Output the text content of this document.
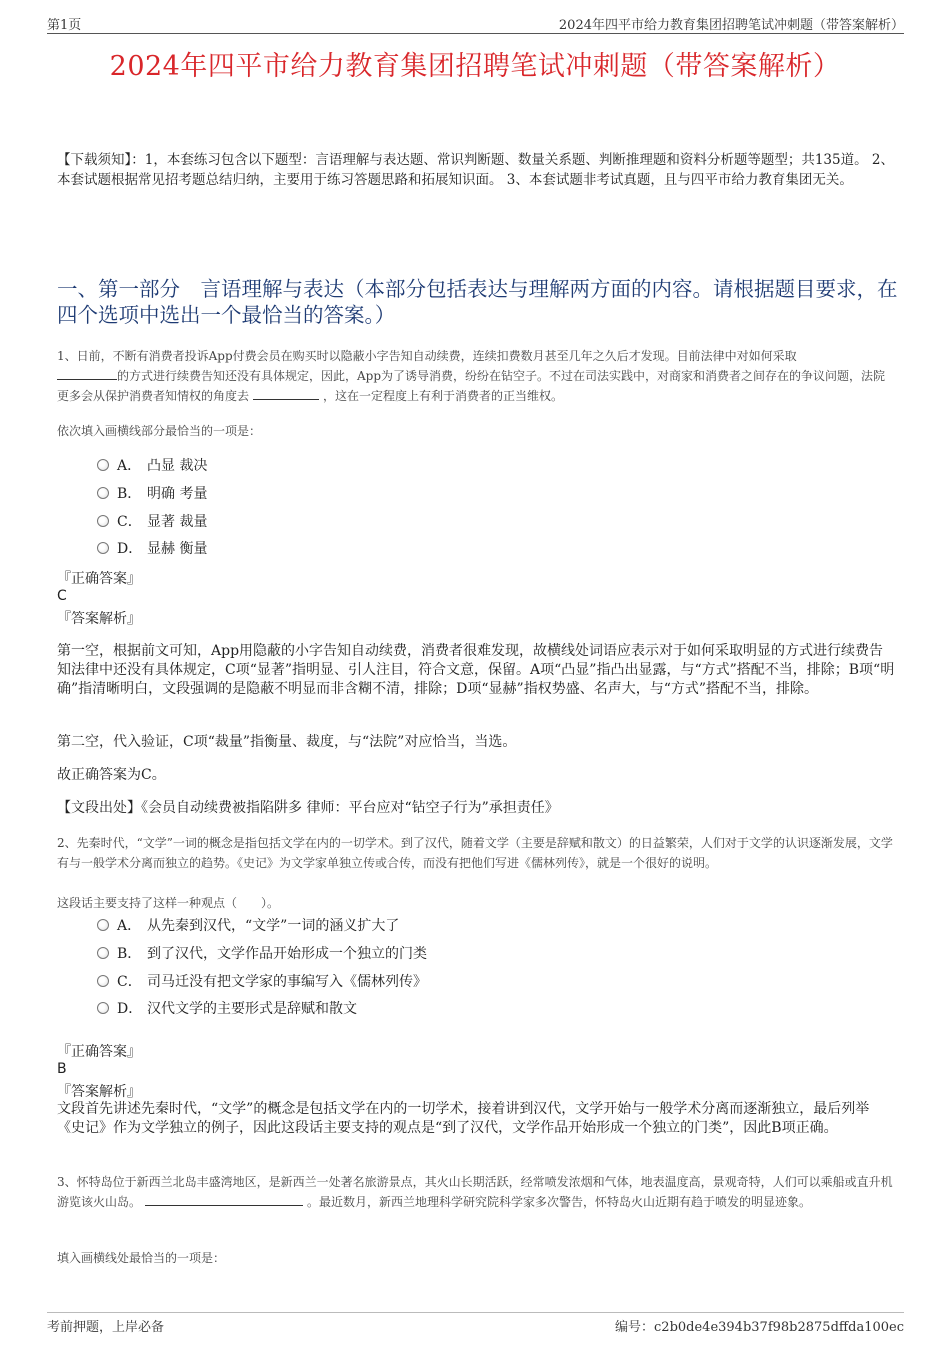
第1页	2024年四平市给力教育集团招聘笔试冲刺题（带答案解析）
2024年四平市给力教育集团招聘笔试冲刺题（带答案解析）
【下载须知】：1，本套练习包含以下题型：言语理解与表达题、常识判断题、数量关系题、判断推理题和资料分析题等题型；共135道。 2、本套试题根据常见招考题总结归纳，主要用于练习答题思路和拓展知识面。 3、本套试题非考试真题，且与四平市给力教育集团无关。
一、第一部分　言语理解与表达（本部分包括表达与理解两方面的内容。请根据题目要求，在四个选项中选出一个最恰当的答案。）
1、日前，不断有消费者投诉App付费会员在购买时以隐蔽小字告知自动续费，连续扣费数月甚至几年之久后才发现。目前法律中对如何采取
的方式进行续费告知还没有具体规定，因此，App为了诱导消费，纷纷在钻空子。不过在司法实践中，对商家和消费者之间存在的争议问题，法院更多会从保护消费者知情权的角度去	，这在一定程度上有利于消费者的正当维权。
依次填入画横线部分最恰当的一项是：
A． 凸显 裁决
B． 明确 考量
C． 显著 裁量
D． 显赫 衡量
『正确答案』
C
『答案解析』
第一空，根据前文可知，App用隐蔽的小字告知自动续费，消费者很难发现，故横线处词语应表示对于如何采取明显的方式进行续费告知法律中还没有具体规定，C项“显著”指明显、引人注目，符合文意，保留。A项“凸显”指凸出显露，与“方式”搭配不当，排除；B项“明确”指清晰明白，文段强调的是隐蔽不明显而非含糊不清，排除；D项“显赫”指权势盛、名声大，与“方式”搭配不当，排除。
第二空，代入验证，C项“裁量”指衡量、裁度，与“法院”对应恰当，当选。
故正确答案为C。
【文段出处】《会员自动续费被指陷阱多 律师：平台应对“钻空子行为”承担责任》
2、先秦时代，“文学”一词的概念是指包括文学在内的一切学术。到了汉代，随着文学（主要是辞赋和散文）的日益繁荣，人们对于文学的认识逐渐发展，文学有与一般学术分离而独立的趋势。《史记》为文学家单独立传或合传，而没有把他们写进《儒林列传》，就是一个很好的说明。
这段话主要支持了这样一种观点（　　）。
A． 从先秦到汉代，“文学”一词的涵义扩大了
B． 到了汉代，文学作品开始形成一个独立的门类
C． 司马迁没有把文学家的事编写入《儒林列传》
D． 汉代文学的主要形式是辞赋和散文
『正确答案』
B
『答案解析』
文段首先讲述先秦时代，“文学”的概念是包括文学在内的一切学术，接着讲到汉代，文学开始与一般学术分离而逐渐独立，最后列举《史记》作为文学独立的例子，因此这段话主要支持的观点是“到了汉代，文学作品开始形成一个独立的门类”，因此B项正确。
3、怀特岛位于新西兰北岛丰盛湾地区，是新西兰一处著名旅游景点，其火山长期活跃，经常喷发浓烟和气体，地表温度高，景观奇特，人们可以乘船或直升机游览该火山岛。	。最近数月，新西兰地理科学研究院科学家多次警告，怀特岛火山近期有趋于喷发的明显迹象。
填入画横线处最恰当的一项是：
考前押题，上岸必备	编号：c2b0de4e394b37f98b2875dffda100ec
